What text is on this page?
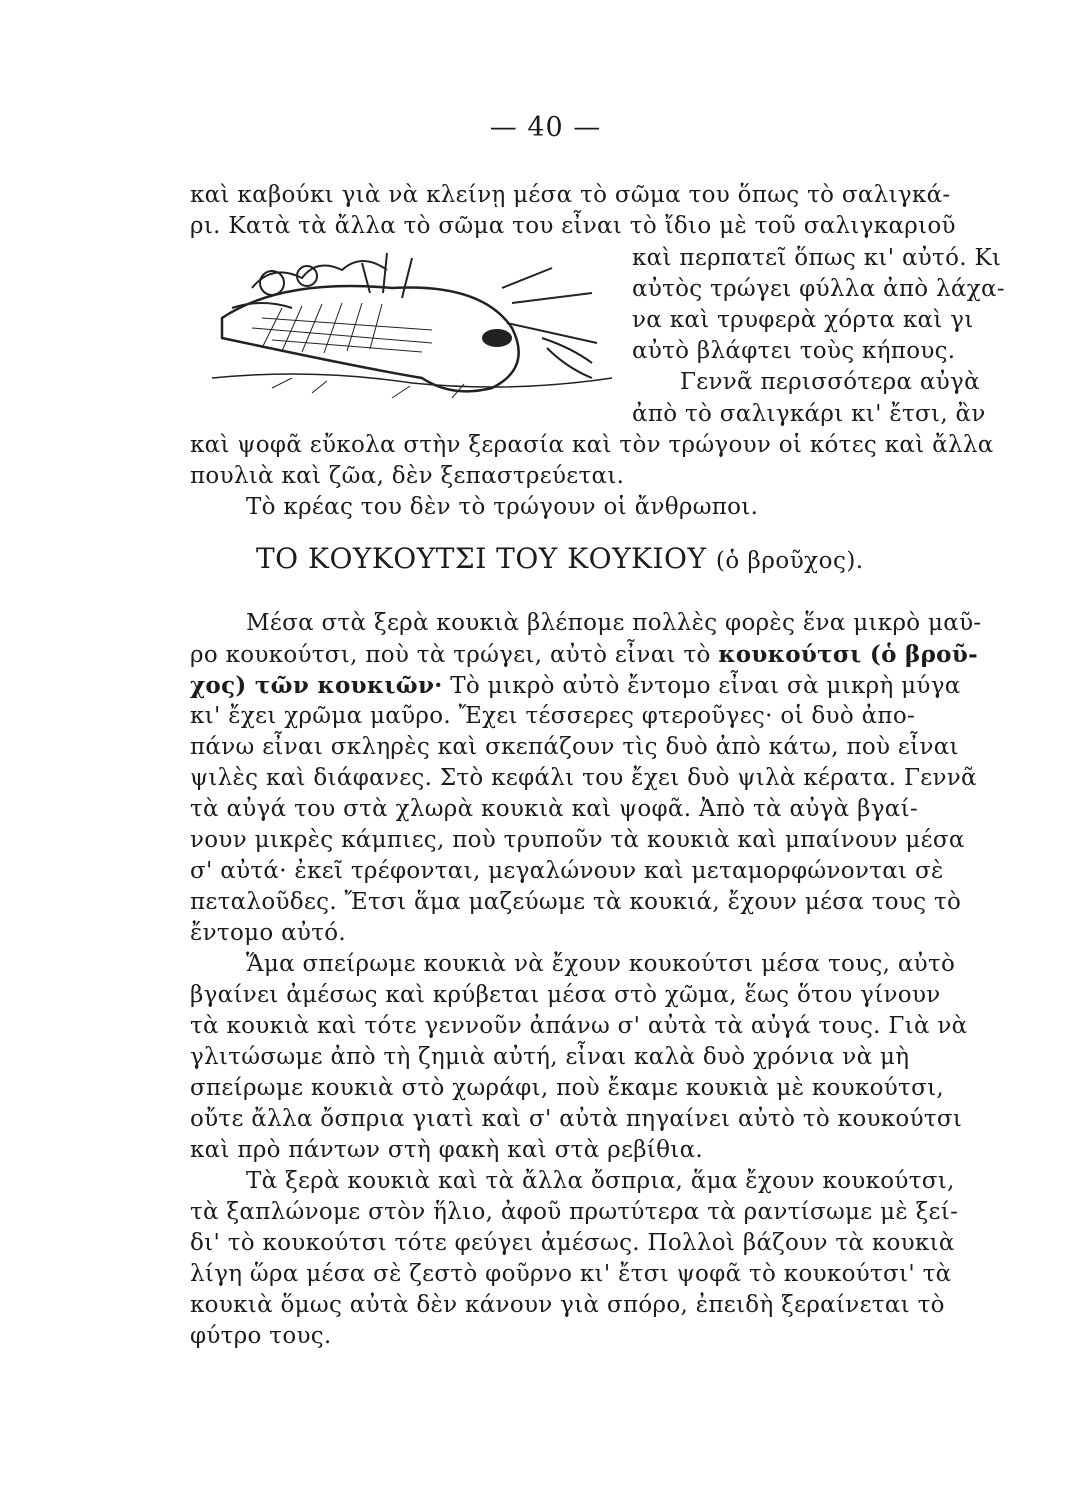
— 40 —
καὶ καβούκι γιὰ νὰ κλείνῃ μέσα τὸ σῶμα του ὅπως τὸ σαλιγκά-
ρι. Κατὰ τὰ ἄλλα τὸ σῶμα του εἶναι τὸ ἴδιο μὲ τοῦ σαλιγκαριοῦ
καὶ περπατεῖ ὅπως κι' αὐτό. Κι
αὐτὸς τρώγει φύλλα ἀπὸ λάχα-
να καὶ τρυφερὰ χόρτα καὶ γι
αὐτὸ βλάφτει τοὺς κήπους.
Γεννᾶ περισσότερα αὐγὰ
ἀπὸ τὸ σαλιγκάρι κι' ἔτσι, ἂν
καὶ ψοφᾶ εὔκολα στὴν ξερασία καὶ τὸν τρώγουν οἱ κότες καὶ ἄλλα
πουλιὰ καὶ ζῶα, δὲν ξεπαστρεύεται.
Τὸ κρέας του δὲν τὸ τρώγουν οἱ ἄνθρωποι.
ΤΟ ΚΟΥΚΟΥΤΣΙ ΤΟΥ ΚΟΥΚΙΟΥ (ὁ βροῦχος).
Μέσα στὰ ξερὰ κουκιὰ βλέπομε πολλὲς φορὲς ἕνα μικρὸ μαῦ-
ρο κουκούτσι, ποὺ τὰ τρώγει, αὐτὸ εἶναι τὸ κουκούτσι (ὁ βροῦ-
χος) τῶν κουκιῶν· Τὸ μικρὸ αὐτὸ ἔντομο εἶναι σὰ μικρὴ μύγα
κι' ἔχει χρῶμα μαῦρο. Ἔχει τέσσερες φτεροῦγες· οἱ δυὸ ἀπο-
πάνω εἶναι σκληρὲς καὶ σκεπάζουν τὶς δυὸ ἀπὸ κάτω, ποὺ εἶναι
ψιλὲς καὶ διάφανες. Στὸ κεφάλι του ἔχει δυὸ ψιλὰ κέρατα. Γεννᾶ
τὰ αὐγά του στὰ χλωρὰ κουκιὰ καὶ ψοφᾶ. Ἀπὸ τὰ αὐγὰ βγαί-
νουν μικρὲς κάμπιες, ποὺ τρυποῦν τὰ κουκιὰ καὶ μπαίνουν μέσα
σ' αὐτά· ἐκεῖ τρέφονται, μεγαλώνουν καὶ μεταμορφώνονται σὲ
πεταλοῦδες. Ἔτσι ἅμα μαζεύωμε τὰ κουκιά, ἔχουν μέσα τους τὸ
ἔντομο αὐτό.
Ἅμα σπείρωμε κουκιὰ νὰ ἔχουν κουκούτσι μέσα τους, αὐτὸ
βγαίνει ἀμέσως καὶ κρύβεται μέσα στὸ χῶμα, ἕως ὅτου γίνουν
τὰ κουκιὰ καὶ τότε γεννοῦν ἀπάνω σ' αὐτὰ τὰ αὐγά τους. Γιὰ νὰ
γλιτώσωμε ἀπὸ τὴ ζημιὰ αὐτή, εἶναι καλὰ δυὸ χρόνια νὰ μὴ
σπείρωμε κουκιὰ στὸ χωράφι, ποὺ ἔκαμε κουκιὰ μὲ κουκούτσι,
οὔτε ἄλλα ὄσπρια γιατὶ καὶ σ' αὐτὰ πηγαίνει αὐτὸ τὸ κουκούτσι
καὶ πρὸ πάντων στὴ φακὴ καὶ στὰ ρεβίθια.
Τὰ ξερὰ κουκιὰ καὶ τὰ ἄλλα ὄσπρια, ἅμα ἔχουν κουκούτσι,
τὰ ξαπλώνομε στὸν ἥλιο, ἀφοῦ πρωτύτερα τὰ ραντίσωμε μὲ ξεί-
δι' τὸ κουκούτσι τότε φεύγει ἀμέσως. Πολλοὶ βάζουν τὰ κουκιὰ
λίγη ὥρα μέσα σὲ ζεστὸ φοῦρνο κι' ἔτσι ψοφᾶ τὸ κουκούτσι' τὰ
κουκιὰ ὅμως αὐτὰ δὲν κάνουν γιὰ σπόρο, ἐπειδὴ ξεραίνεται τὸ
φύτρο τους.
